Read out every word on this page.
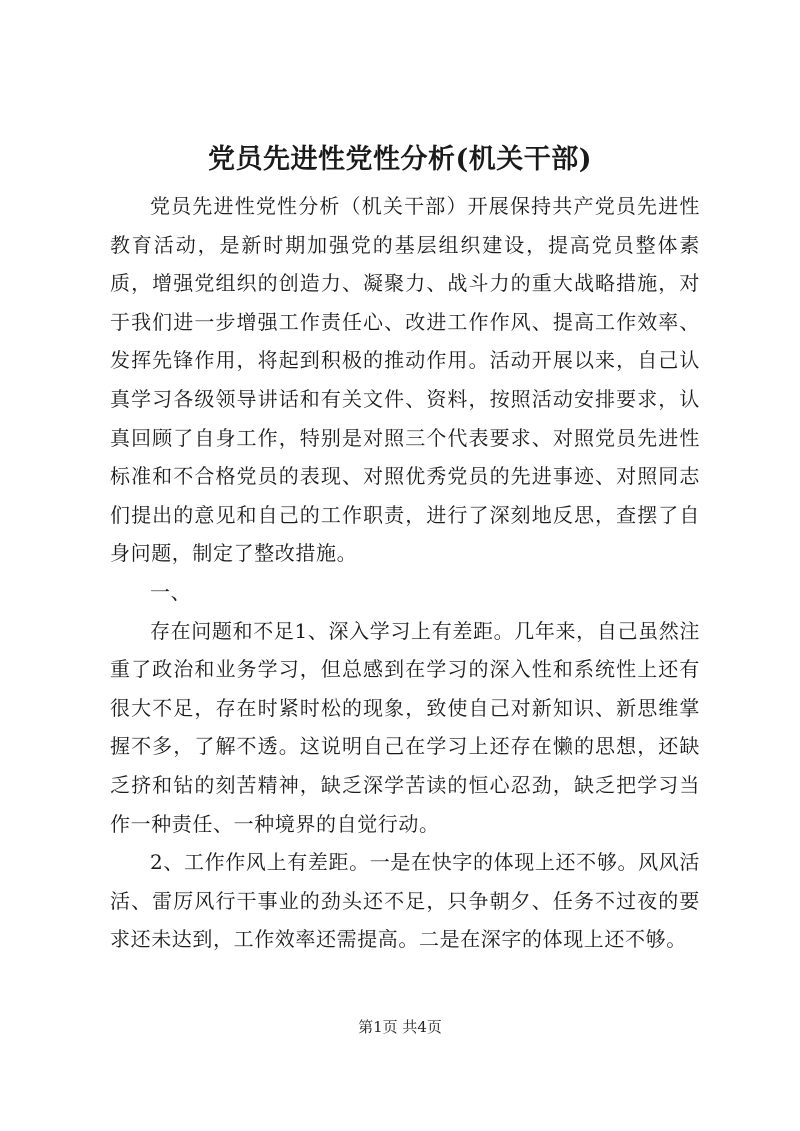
党员先进性党性分析(机关干部)

党员先进性党性分析（机关干部）开展保持共产党员先进性教育活动，是新时期加强党的基层组织建设，提高党员整体素质，增强党组织的创造力、凝聚力、战斗力的重大战略措施，对于我们进一步增强工作责任心、改进工作作风、提高工作效率、发挥先锋作用，将起到积极的推动作用。活动开展以来，自己认真学习各级领导讲话和有关文件、资料，按照活动安排要求，认真回顾了自身工作，特别是对照三个代表要求、对照党员先进性标准和不合格党员的表现、对照优秀党员的先进事迹、对照同志们提出的意见和自己的工作职责，进行了深刻地反思，查摆了自身问题，制定了整改措施。

一、

存在问题和不足1、深入学习上有差距。几年来，自己虽然注重了政治和业务学习，但总感到在学习的深入性和系统性上还有很大不足，存在时紧时松的现象，致使自己对新知识、新思维掌握不多，了解不透。这说明自己在学习上还存在懒的思想，还缺乏挤和钻的刻苦精神，缺乏深学苦读的恒心忍劲，缺乏把学习当作一种责任、一种境界的自觉行动。

2、工作作风上有差距。一是在快字的体现上还不够。风风活活、雷厉风行干事业的劲头还不足，只争朝夕、任务不过夜的要求还未达到，工作效率还需提高。二是在深字的体现上还不够。

第1页 共4页
